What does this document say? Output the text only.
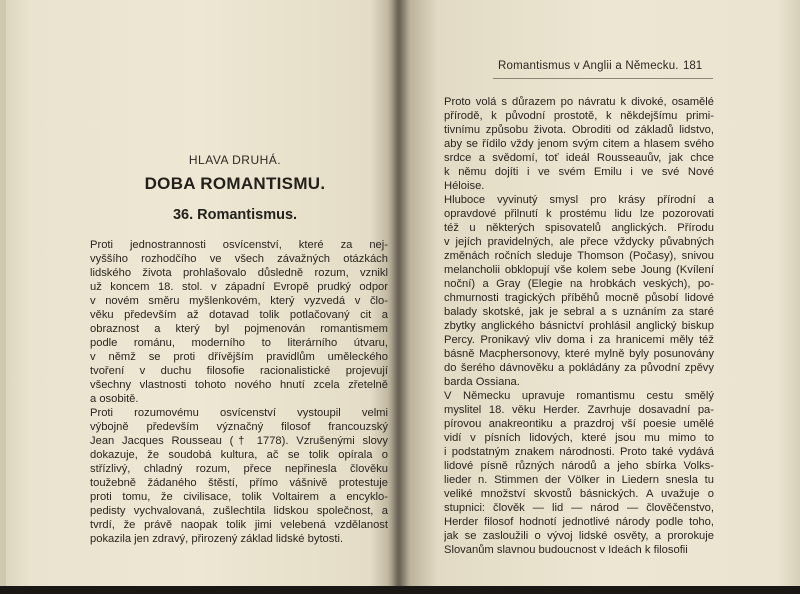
Romantismus v Anglii a Německu. 181
HLAVA DRUHÁ.
DOBA ROMANTISMU.
36. Romantismus.
Proti jednostrannosti osvícenství, které za nej-
vyššího rozhodčího ve všech závažných otázkách
lidského života prohlašovalo důsledně rozum, vznikl
už koncem 18. stol. v západní Evropě prudký odpor
v novém směru myšlenkovém, který vyzvedá v člo-
věku především až dotavad tolik potlačovaný cit a
obraznost a který byl pojmenován romantismem
podle románu, moderního to literárního útvaru,
v němž se proti dřívějším pravidlům uměleckého
tvoření v duchu filosofie racionalistické projevují
všechny vlastnosti tohoto nového hnutí zcela zřetelně
a osobitě.
Proti rozumovému osvícenství vystoupil velmi
výbojně především význačný filosof francouzský
Jean Jacques Rousseau († 1778). Vzrušenými slovy
dokazuje, že soudobá kultura, ač se tolik opírala o
střízlivý, chladný rozum, přece nepřinesla člověku
toužebně žádaného štěstí, přímo vášnivě protestuje
proti tomu, že civilisace, tolik Voltairem a encyklo-
pedisty vychvalovaná, zušlechtila lidskou společnost, a
tvrdí, že právě naopak tolik jimi velebená vzdělanost
pokazila jen zdravý, přirozený základ lidské bytosti.
Proto volá s důrazem po návratu k divoké, osamělé
přírodě, k původní prostotě, k někdejšímu primi-
tivnímu způsobu života. Obroditi od základů lidstvo,
aby se řídilo vždy jenom svým citem a hlasem svého
srdce a svědomí, toť ideál Rousseauův, jak chce
k němu dojíti i ve svém Emilu i ve své Nové
Héloise.
Hluboce vyvinutý smysl pro krásy přírodní a
opravdové přilnutí k prostému lidu lze pozorovati
též u některých spisovatelů anglických. Přírodu
v jejích pravidelných, ale přece vždycky půvabných
změnách ročních sleduje Thomson (Počasy), snivou
melancholii obklopují vše kolem sebe Joung (Kvílení
noční) a Gray (Elegie na hrobkách veských), po-
chmurnosti tragických příběhů mocně působí lidové
balady skotské, jak je sebral a s uznáním za staré
zbytky anglického básnictví prohlásil anglický biskup
Percy. Pronikavý vliv doma i za hranicemi měly též
básně Macphersonovy, které mylně byly posunovány
do šerého dávnověku a pokládány za původní zpěvy
barda Ossiana.
V Německu upravuje romantismu cestu smělý
myslitel 18. věku Herder. Zavrhuje dosavadní pa-
pírovou anakreontiku a prazdroj vší poesie umělé
vidí v písních lidových, které jsou mu mimo to
i podstatným znakem národnosti. Proto také vydává
lidové písně různých národů a jeho sbírka Volks-
lieder n. Stimmen der Völker in Liedern snesla tu
veliké množství skvostů básnických. A uvažuje o
stupnici: člověk — lid — národ — člověčenstvo,
Herder filosof hodnotí jednotlivé národy podle toho,
jak se zasloužili o vývoj lidské osvěty, a prorokuje
Slovanům slavnou budoucnost v Ideách k filosofii
